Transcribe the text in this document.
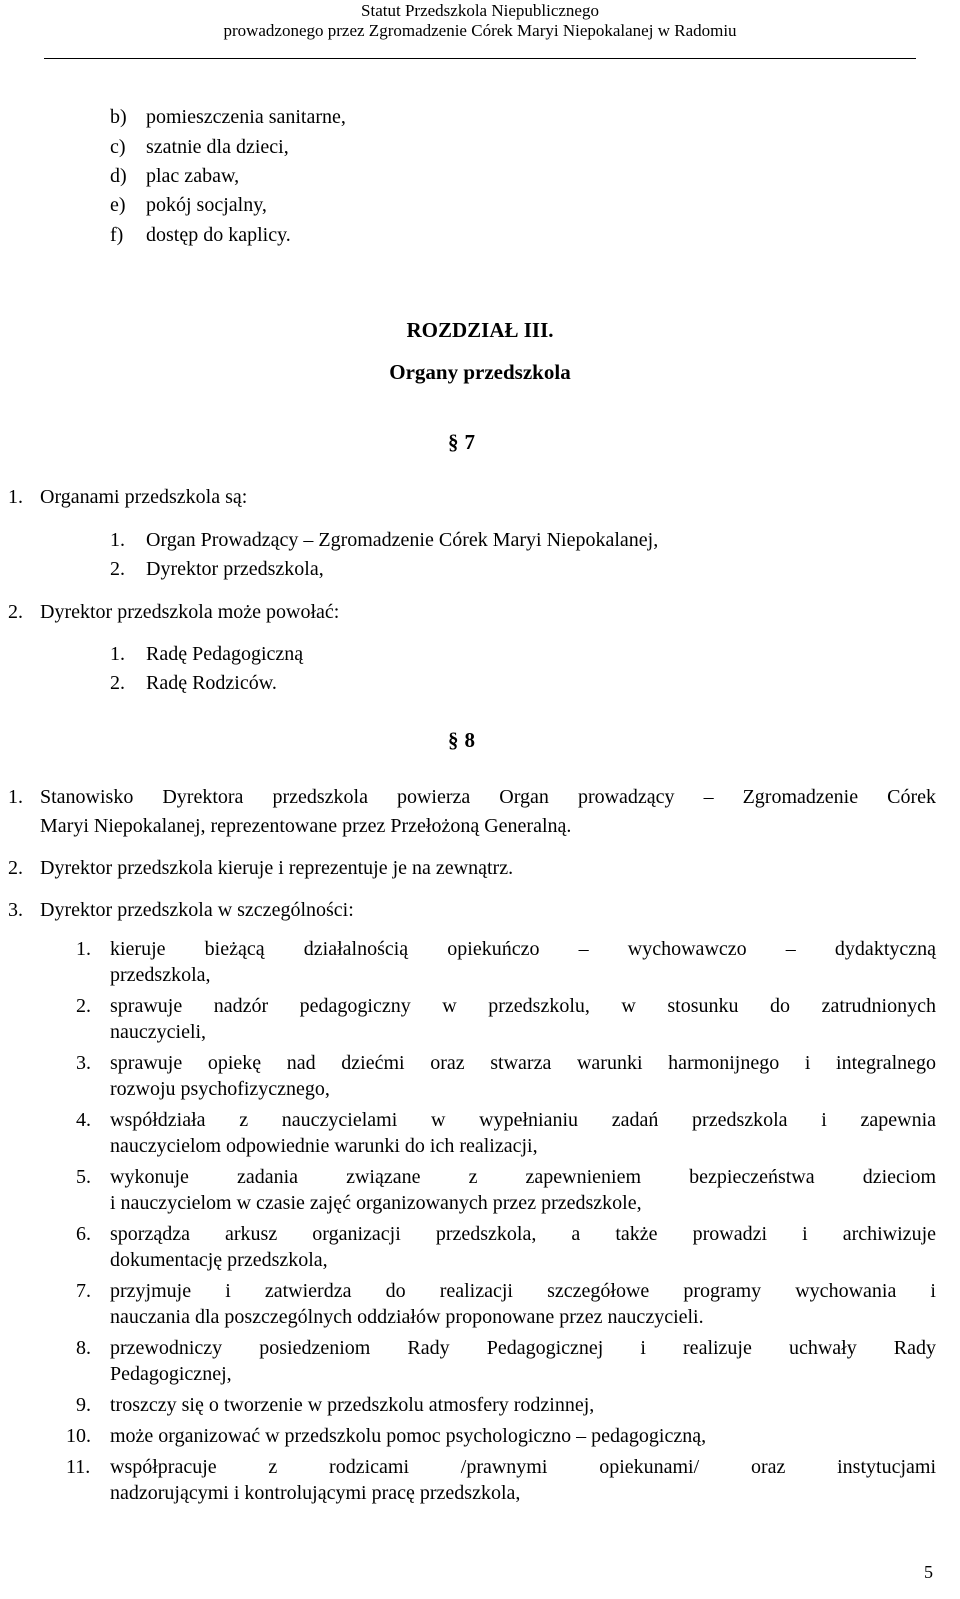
Statut Przedszkola Niepublicznego
prowadzonego przez Zgromadzenie Córek Maryi Niepokalanej w Radomiu
b) pomieszczenia sanitarne,
c) szatnie dla dzieci,
d) plac zabaw,
e) pokój socjalny,
f) dostęp do kaplicy.
ROZDZIAŁ III.
Organy przedszkola
§ 7
1. Organami przedszkola są:
1. Organ Prowadzący – Zgromadzenie Córek Maryi Niepokalanej,
2. Dyrektor przedszkola,
2. Dyrektor przedszkola może powołać:
1. Radę Pedagogiczną
2. Radę Rodziców.
§ 8
1. Stanowisko Dyrektora przedszkola powierza Organ prowadzący – Zgromadzenie Córek
Maryi Niepokalanej, reprezentowane przez Przełożoną Generalną.
2. Dyrektor przedszkola kieruje i reprezentuje je na zewnątrz.
3. Dyrektor przedszkola w szczególności:
1. kieruje bieżącą działalnością opiekuńczo – wychowawczo – dydaktyczną
przedszkola,
2. sprawuje nadzór pedagogiczny w przedszkolu, w stosunku do zatrudnionych
nauczycieli,
3. sprawuje opiekę nad dziećmi oraz stwarza warunki harmonijnego i integralnego
rozwoju psychofizycznego,
4. współdziała z nauczycielami w wypełnianiu zadań przedszkola i zapewnia
nauczycielom odpowiednie warunki do ich realizacji,
5. wykonuje zadania związane z zapewnieniem bezpieczeństwa dzieciom
i nauczycielom w czasie zajęć organizowanych przez przedszkole,
6. sporządza arkusz organizacji przedszkola, a także prowadzi i archiwizuje
dokumentację przedszkola,
7. przyjmuje i zatwierdza do realizacji szczegółowe programy wychowania i
nauczania dla poszczególnych oddziałów proponowane przez nauczycieli.
8. przewodniczy posiedzeniom Rady Pedagogicznej i realizuje uchwały Rady
Pedagogicznej,
9. troszczy się o tworzenie w przedszkolu atmosfery rodzinnej,
10. może organizować w przedszkolu pomoc psychologiczno – pedagogiczną,
11. współpracuje z rodzicami /prawnymi opiekunami/ oraz instytucjami
nadzorującymi i kontrolującymi pracę przedszkola,
5
